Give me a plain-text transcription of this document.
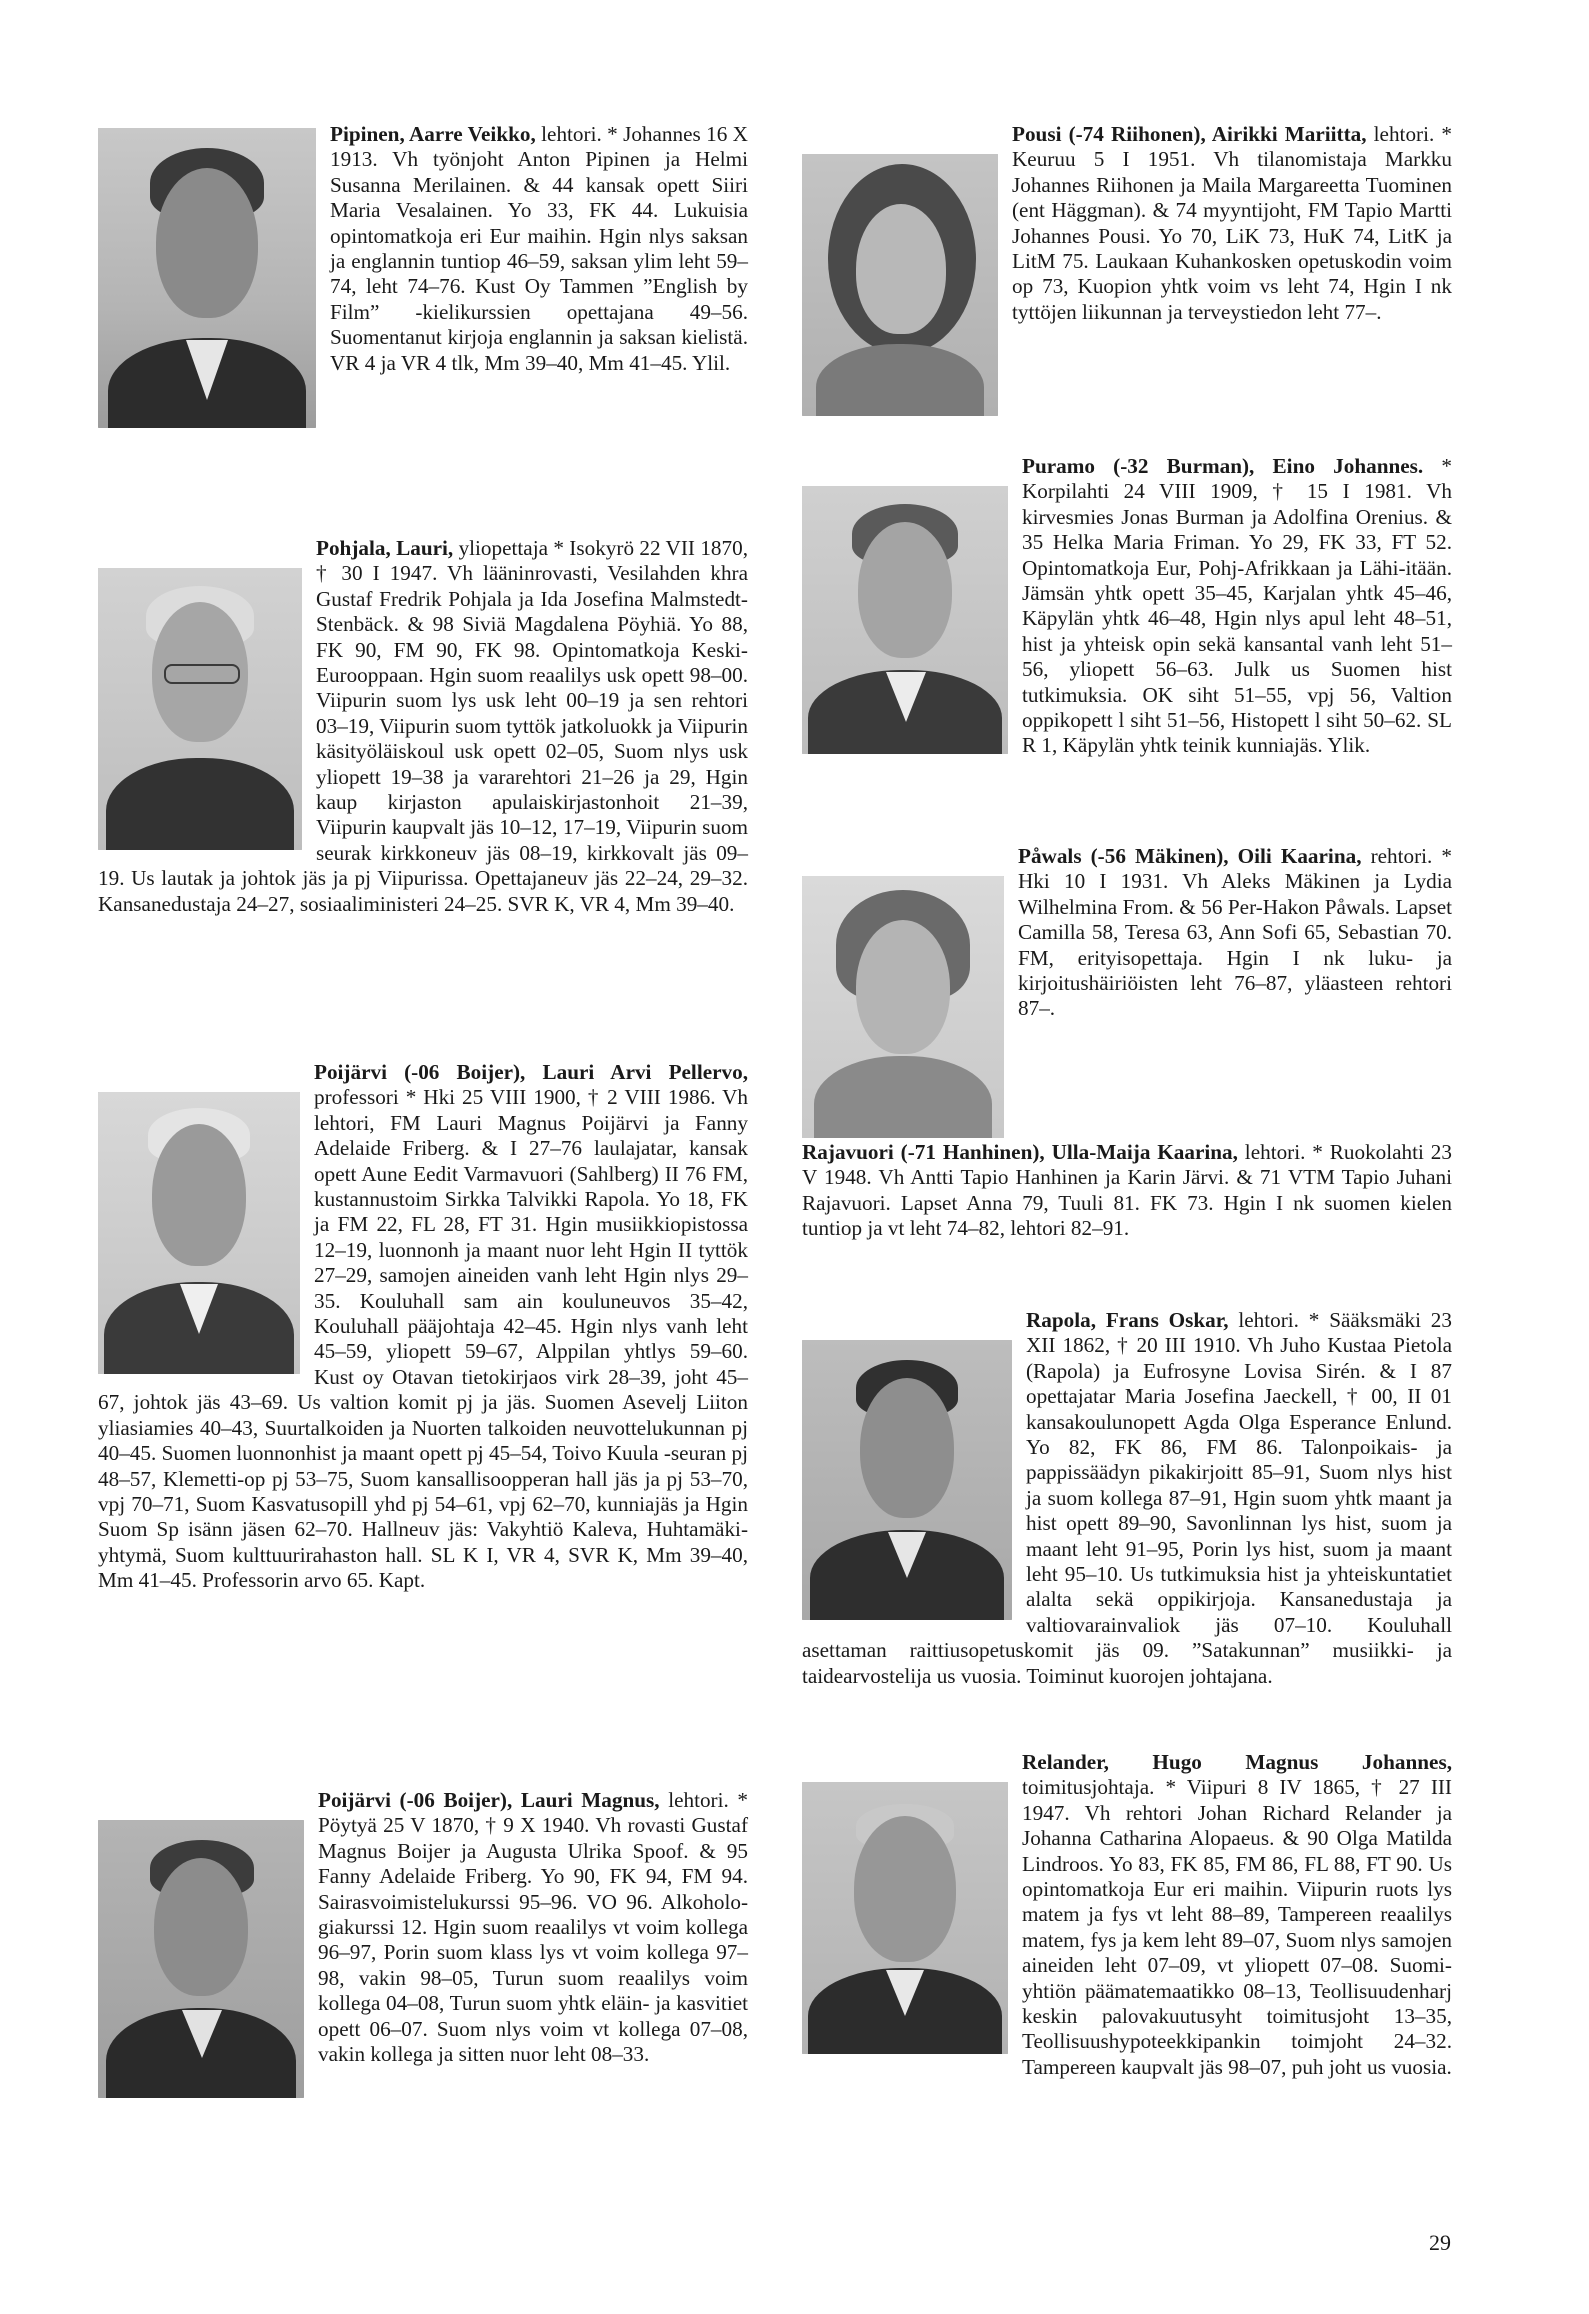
Pipinen, Aarre Veikko, lehtori. * Johannes 16 X 1913. Vh työnjoht Anton Pipinen ja Helmi Susanna Merilainen. & 44 kansak opett Siiri Maria Vesalainen. Yo 33, FK 44. Lukuisia opintomatkoja eri Eur maihin. Hgin nlys saksan ja englannin tuntiop 46–59, saksan ylim leht 59–74, leht 74–76. Kust Oy Tammen ”English by Film” -kielikurssien opettajana 49–56. Suomentanut kirjoja englannin ja saksan kielistä. VR 4 ja VR 4 tlk, Mm 39–40, Mm 41–45. Ylil.

Pohjala, Lauri, yliopettaja * Isokyrö 22 VII 1870, † 30 I 1947. Vh lääninrovasti, Vesilahden khra Gustaf Fredrik Pohjala ja Ida Josefina Malmstedt-Stenbäck. & 98 Siviä Magdalena Pöyhiä. Yo 88, FK 90, FM 90, FK 98. Opintomatkoja Keski-Eurooppaan. Hgin suom reaalilys usk opett 98–00. Viipurin suom lys usk leht 00–19 ja sen rehtori 03–19, Viipurin suom tyttök jatkoluokk ja Viipurin käsityöläiskoul usk opett 02–05, Suom nlys usk yliopett 19–38 ja vararehtori 21–26 ja 29, Hgin kaup kirjaston apulaiskirjastonhoit 21–39, Viipurin kaupvalt jäs 10–12, 17–19, Viipurin suom seurak kirkkoneuv jäs 08–19, kirkkovalt jäs 09–19. Us lautak ja johtok jäs ja pj Viipurissa. Opettajaneuv jäs 22–24, 29–32. Kansanedustaja 24–27, sosiaaliministeri 24–25. SVR K, VR 4, Mm 39–40.

Poijärvi (-06 Boijer), Lauri Arvi Pellervo, professori * Hki 25 VIII 1900, † 2 VIII 1986. Vh lehtori, FM Lauri Magnus Poijärvi ja Fanny Adelaide Friberg. & I 27–76 laulajatar, kansak opett Aune Eedit Varmavuori (Sahlberg) II 76 FM, kustannustoim Sirkka Talvikki Rapola. Yo 18, FK ja FM 22, FL 28, FT 31. Hgin musiikkiopistossa 12–19, luonnonh ja maant nuor leht Hgin II tyttök 27–29, samojen aineiden vanh leht Hgin nlys 29–35. Kouluhall sam ain kouluneuvos 35–42, Kouluhall pääjohtaja 42–45. Hgin nlys vanh leht 45–59, yliopett 59–67, Alppilan yhtlys 59–60. Kust oy Otavan tietokirjaos virk 28–39, joht 45–67, johtok jäs 43–69. Us valtion komit pj ja jäs. Suomen Asevelj Liiton yliasiamies 40–43, Suurtalkoiden ja Nuorten talkoiden neuvottelukunnan pj 40–45. Suomen luonnonhist ja maant opett pj 45–54, Toivo Kuula -seuran pj 48–57, Klemetti-op pj 53–75, Suom kansallisoopperan hall jäs ja pj 53–70, vpj 70–71, Suom Kasvatusopill yhd pj 54–61, vpj 62–70, kunniajäs ja Hgin Suom Sp isänn jäsen 62–70. Hallneuv jäs: Vakyhtiö Kaleva, Huhtamäki-yhtymä, Suom kulttuurirahaston hall. SL K I, VR 4, SVR K, Mm 39–40, Mm 41–45. Professorin arvo 65. Kapt.

Poijärvi (-06 Boijer), Lauri Magnus, lehtori. * Pöytyä 25 V 1870, † 9 X 1940. Vh rovasti Gustaf Magnus Boijer ja Augusta Ulrika Spoof. & 95 Fanny Adelaide Friberg. Yo 90, FK 94, FM 94. Sairasvoimistelukurssi 95–96. VO 96. Alkohologiakurssi 12. Hgin suom reaalilys vt voim kollega 96–97, Porin suom klass lys vt voim kollega 97–98, vakin 98–05, Turun suom reaalilys voim kollega 04–08, Turun suom yhtk eläin- ja kasvitiet opett 06–07. Suom nlys voim vt kollega 07–08, vakin kollega ja sitten nuor leht 08–33.

Pousi (-74 Riihonen), Airikki Mariitta, lehtori. * Keuruu 5 I 1951. Vh tilanomistaja Markku Johannes Riihonen ja Maila Margareetta Tuominen (ent Häggman). & 74 myyntijoht, FM Tapio Martti Johannes Pousi. Yo 70, LiK 73, HuK 74, LitK ja LitM 75. Laukaan Kuhankosken opetuskodin voim op 73, Kuopion yhtk voim vs leht 74, Hgin I nk tyttöjen liikunnan ja terveystiedon leht 77–.

Puramo (-32 Burman), Eino Johannes. * Korpilahti 24 VIII 1909, † 15 I 1981. Vh kirvesmies Jonas Burman ja Adolfina Orenius. & 35 Helka Maria Friman. Yo 29, FK 33, FT 52. Opintomatkoja Eur, Pohj-Afrikkaan ja Lähi-itään. Jämsän yhtk opett 35–45, Karjalan yhtk 45–46, Käpylän yhtk 46–48, Hgin nlys apul leht 48–51, hist ja yhteisk opin sekä kansantal vanh leht 51–56, yliopett 56–63. Julk us Suomen hist tutkimuksia. OK siht 51–55, vpj 56, Valtion oppikopett l siht 51–56, Histopett l siht 50–62. SL R 1, Käpylän yhtk teinik kunniajäs. Ylik.

Påwals (-56 Mäkinen), Oili Kaarina, rehtori. * Hki 10 I 1931. Vh Aleks Mäkinen ja Lydia Wilhelmina From. & 56 Per-Hakon Påwals. Lapset Camilla 58, Teresa 63, Ann Sofi 65, Sebastian 70. FM, erityisopettaja. Hgin I nk luku- ja kirjoitushäiriöisten leht 76–87, yläasteen rehtori 87–.

Rajavuori (-71 Hanhinen), Ulla-Maija Kaarina, lehtori. * Ruokolahti 23 V 1948. Vh Antti Tapio Hanhinen ja Karin Järvi. & 71 VTM Tapio Juhani Rajavuori. Lapset Anna 79, Tuuli 81. FK 73. Hgin I nk suomen kielen tuntiop ja vt leht 74–82, lehtori 82–91.

Rapola, Frans Oskar, lehtori. * Sääksmäki 23 XII 1862, † 20 III 1910. Vh Juho Kustaa Pietola (Rapola) ja Eufrosyne Lovisa Sirén. & I 87 opettajatar Maria Josefina Jaeckell, † 00, II 01 kansakoulunopett Agda Olga Esperance Enlund. Yo 82, FK 86, FM 86. Talonpoikais- ja pappissäädyn pikakirjoitt 85–91, Suom nlys hist ja suom kollega 87–91, Hgin suom yhtk maant ja hist opett 89–90, Savonlinnan lys hist, suom ja maant leht 91–95, Porin lys hist, suom ja maant leht 95–10. Us tutkimuksia hist ja yhteiskuntatiet alalta sekä oppikirjoja. Kansanedustaja ja valtiovarainvaliok jäs 07–10. Kouluhall asettaman raittiusopetuskomit jäs 09. ”Satakunnan” musiikki- ja taidearvostelija us vuosia. Toiminut kuorojen johtajana.

Relander, Hugo Magnus Johannes, toimitusjohtaja. * Viipuri 8 IV 1865, † 27 III 1947. Vh rehtori Johan Richard Relander ja Johanna Catharina Alopaeus. & 90 Olga Matilda Lindroos. Yo 83, FK 85, FM 86, FL 88, FT 90. Us opintomatkoja Eur eri maihin. Viipurin ruots lys matem ja fys vt leht 88–89, Tampereen reaalilys matem, fys ja kem leht 89–07, Suom nlys samojen aineiden leht 07–09, vt yliopett 07–08. Suomi-yhtiön päämatemaatikko 08–13, Teollisuudenharj keskin palovakuutusyht toimitusjoht 13–35, Teollisuushypoteekkipankin toimjoht 24–32. Tampereen kaupvalt jäs 98–07, puh joht us vuosia.

29
